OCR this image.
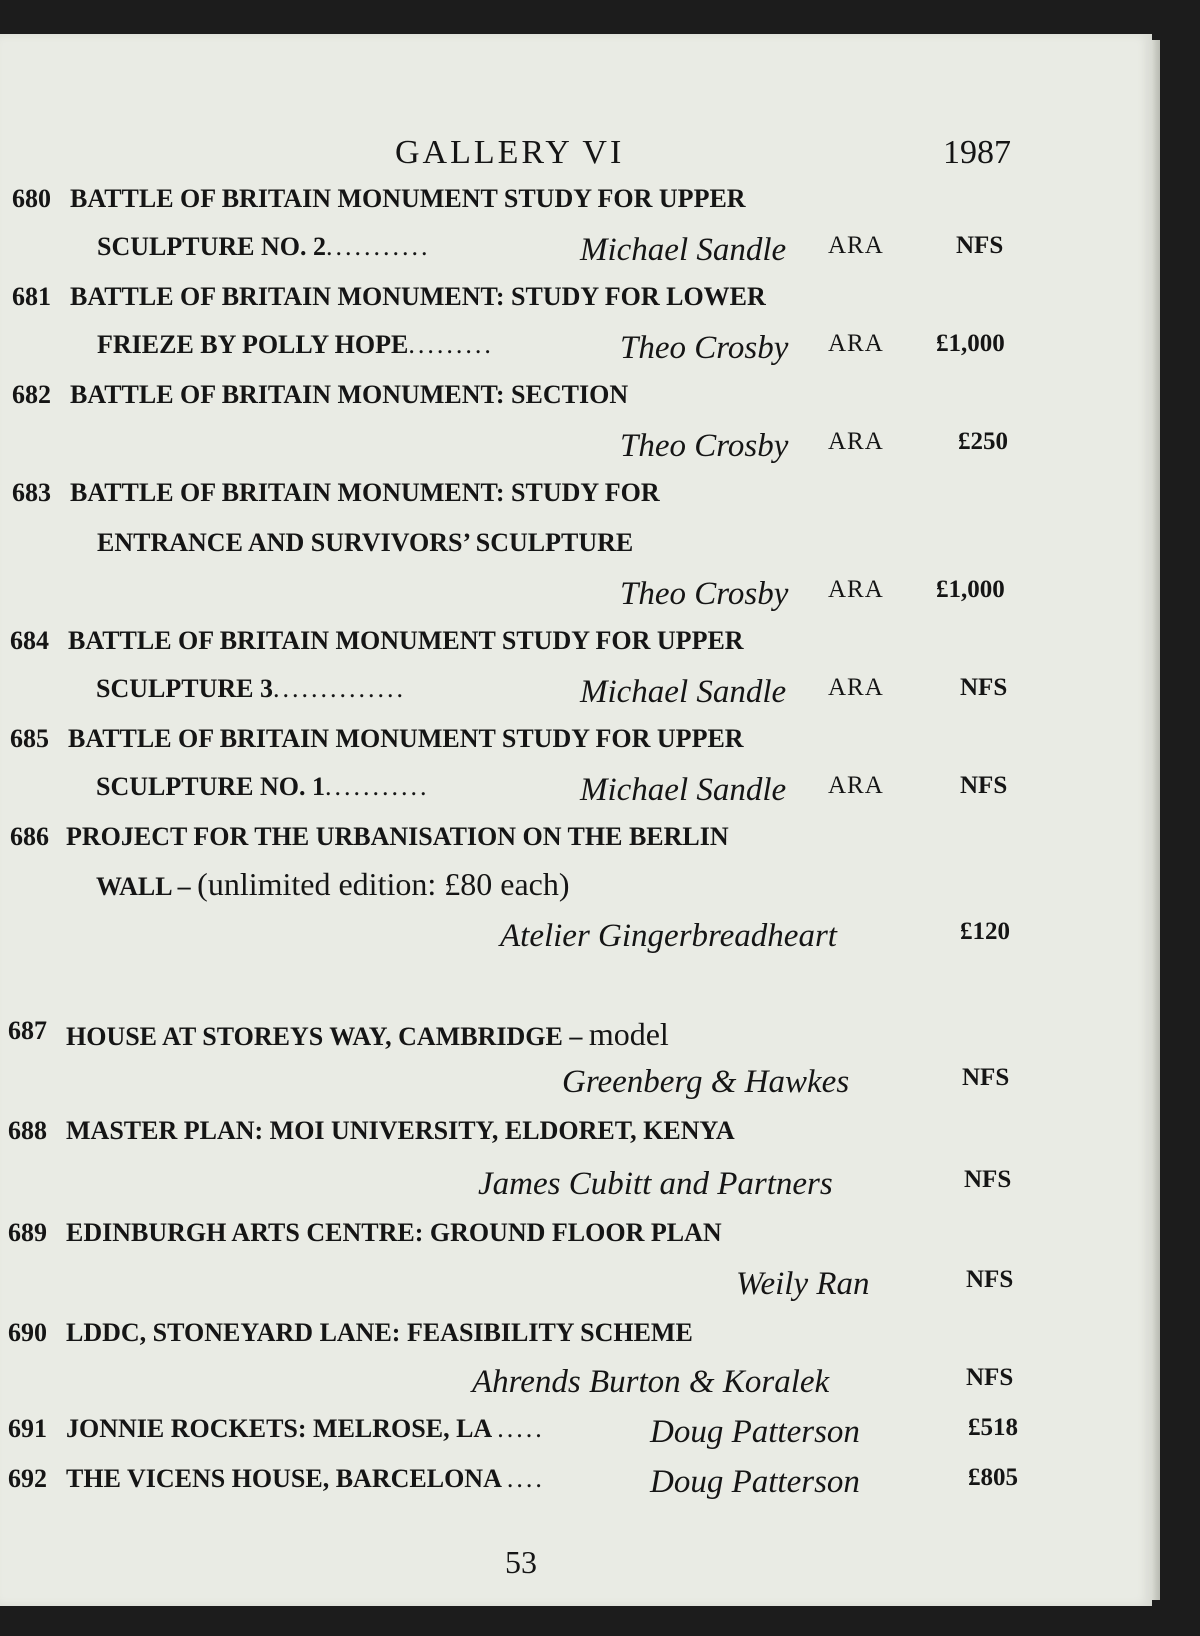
GALLERY VI	1987
680 BATTLE OF BRITAIN MONUMENT STUDY FOR UPPER
SCULPTURE NO. 2...........	Michael Sandle ARA	NFS
681 BATTLE OF BRITAIN MONUMENT: STUDY FOR LOWER
FRIEZE BY POLLY HOPE.........	Theo Crosby ARA £1,000
682 BATTLE OF BRITAIN MONUMENT: SECTION
Theo Crosby ARA	£250
683 BATTLE OF BRITAIN MONUMENT: STUDY FOR
ENTRANCE AND SURVIVORS’ SCULPTURE
Theo Crosby ARA £1,000
684 BATTLE OF BRITAIN MONUMENT STUDY FOR UPPER
SCULPTURE 3..............	Michael Sandle ARA	NFS
685 BATTLE OF BRITAIN MONUMENT STUDY FOR UPPER
SCULPTURE NO. 1...........	Michael Sandle ARA	NFS
686 PROJECT FOR THE URBANISATION ON THE BERLIN
WALL – (unlimited edition: £80 each)
Atelier Gingerbreadheart	£120
687 HOUSE AT STOREYS WAY, CAMBRIDGE – model
Greenberg & Hawkes	NFS
688 MASTER PLAN: MOI UNIVERSITY, ELDORET, KENYA
James Cubitt and Partners	NFS
689 EDINBURGH ARTS CENTRE: GROUND FLOOR PLAN
Weily Ran	NFS
690 LDDC, STONEYARD LANE: FEASIBILITY SCHEME
Ahrends Burton & Koralek	NFS
691 JONNIE ROCKETS: MELROSE, LA .....	Doug Patterson	£518
692 THE VICENS HOUSE, BARCELONA ....	Doug Patterson	£805
53
